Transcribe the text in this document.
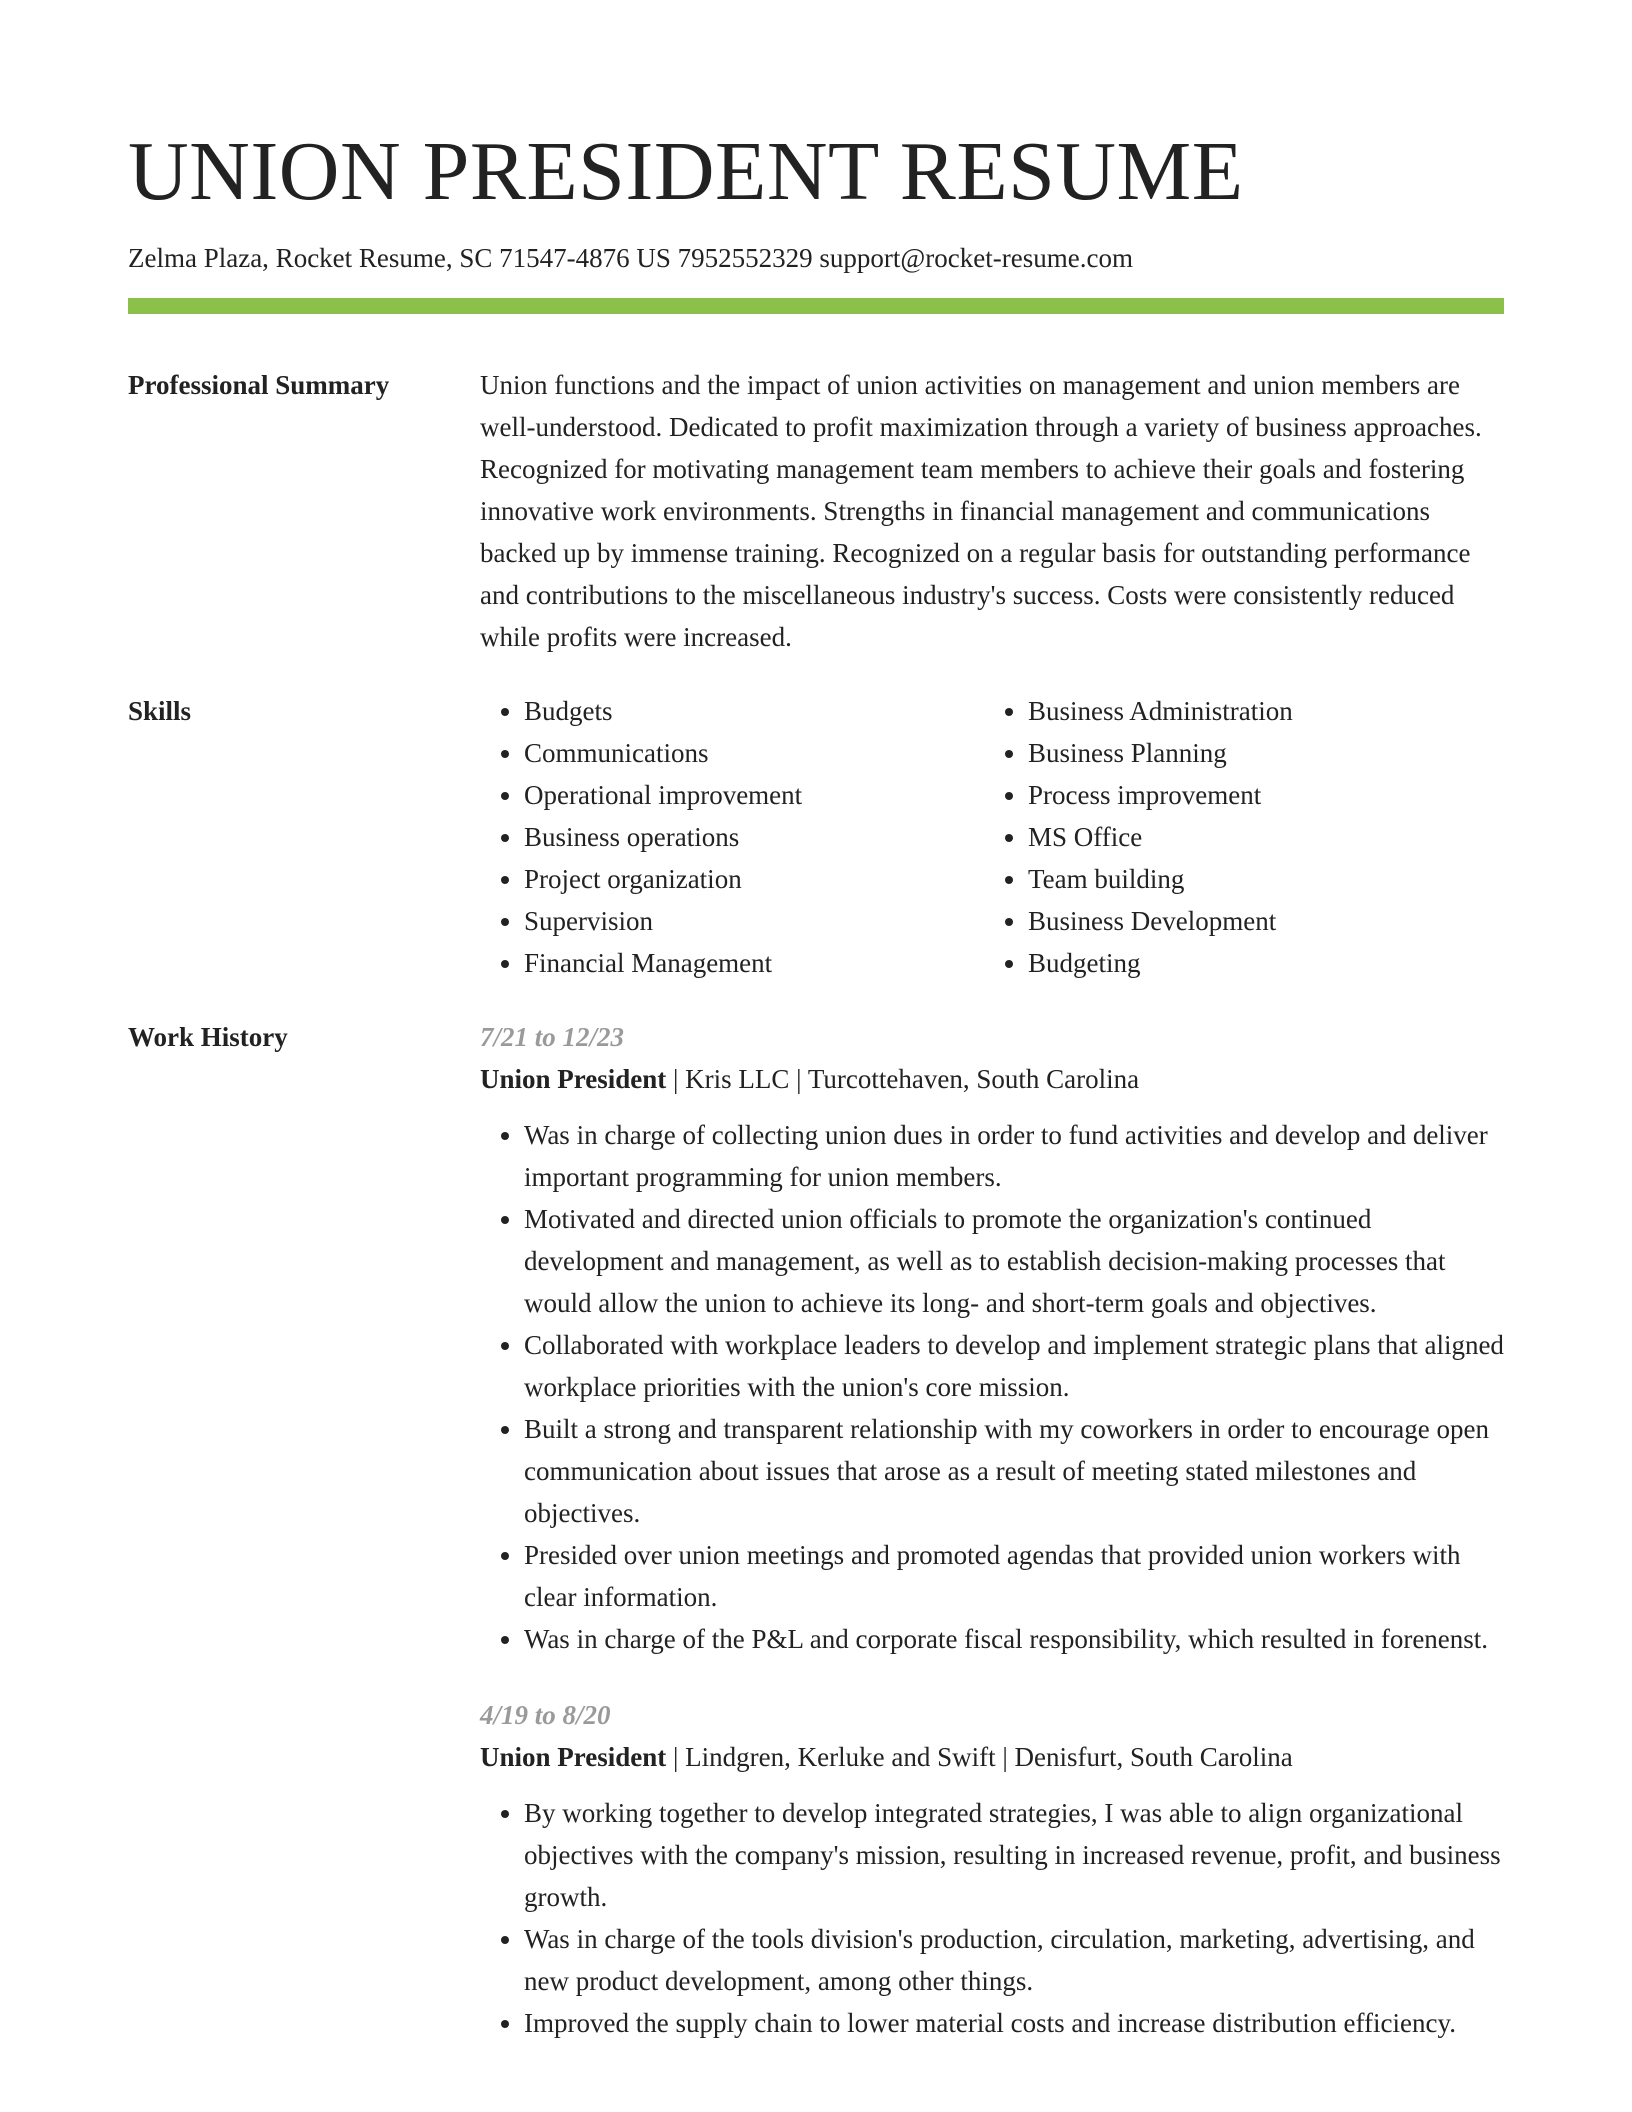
UNION PRESIDENT RESUME
Zelma Plaza, Rocket Resume, SC 71547-4876 US 7952552329 support@rocket-resume.com
Professional Summary	Union functions and the impact of union activities on management and union members are well-understood. Dedicated to profit maximization through a variety of business approaches. Recognized for motivating management team members to achieve their goals and fostering innovative work environments. Strengths in financial management and communications backed up by immense training. Recognized on a regular basis for outstanding performance and contributions to the miscellaneous industry's success. Costs were consistently reduced while profits were increased.
Skills
•	Budgets
• Communications
• Operational improvement
• Business operations
• Project organization
• Supervision
• Financial Management
• Business Administration
• Business Planning
• Process improvement
• MS Office
• Team building
• Business Development
• Budgeting
Work History	7/21 to 12/23
Union President | Kris LLC | Turcottehaven, South Carolina
• Was in charge of collecting union dues in order to fund activities and develop and deliver important programming for union members.
• Motivated and directed union officials to promote the organization's continued development and management, as well as to establish decision-making processes that would allow the union to achieve its long- and short-term goals and objectives.
• Collaborated with workplace leaders to develop and implement strategic plans that aligned workplace priorities with the union's core mission.
• Built a strong and transparent relationship with my coworkers in order to encourage open communication about issues that arose as a result of meeting stated milestones and objectives.
• Presided over union meetings and promoted agendas that provided union workers with clear information.
• Was in charge of the P&L and corporate fiscal responsibility, which resulted in forenenst.
4/19 to 8/20
Union President | Lindgren, Kerluke and Swift | Denisfurt, South Carolina
• By working together to develop integrated strategies, I was able to align organizational objectives with the company's mission, resulting in increased revenue, profit, and business growth.
• Was in charge of the tools division's production, circulation, marketing, advertising, and new product development, among other things.
• Improved the supply chain to lower material costs and increase distribution efficiency.
